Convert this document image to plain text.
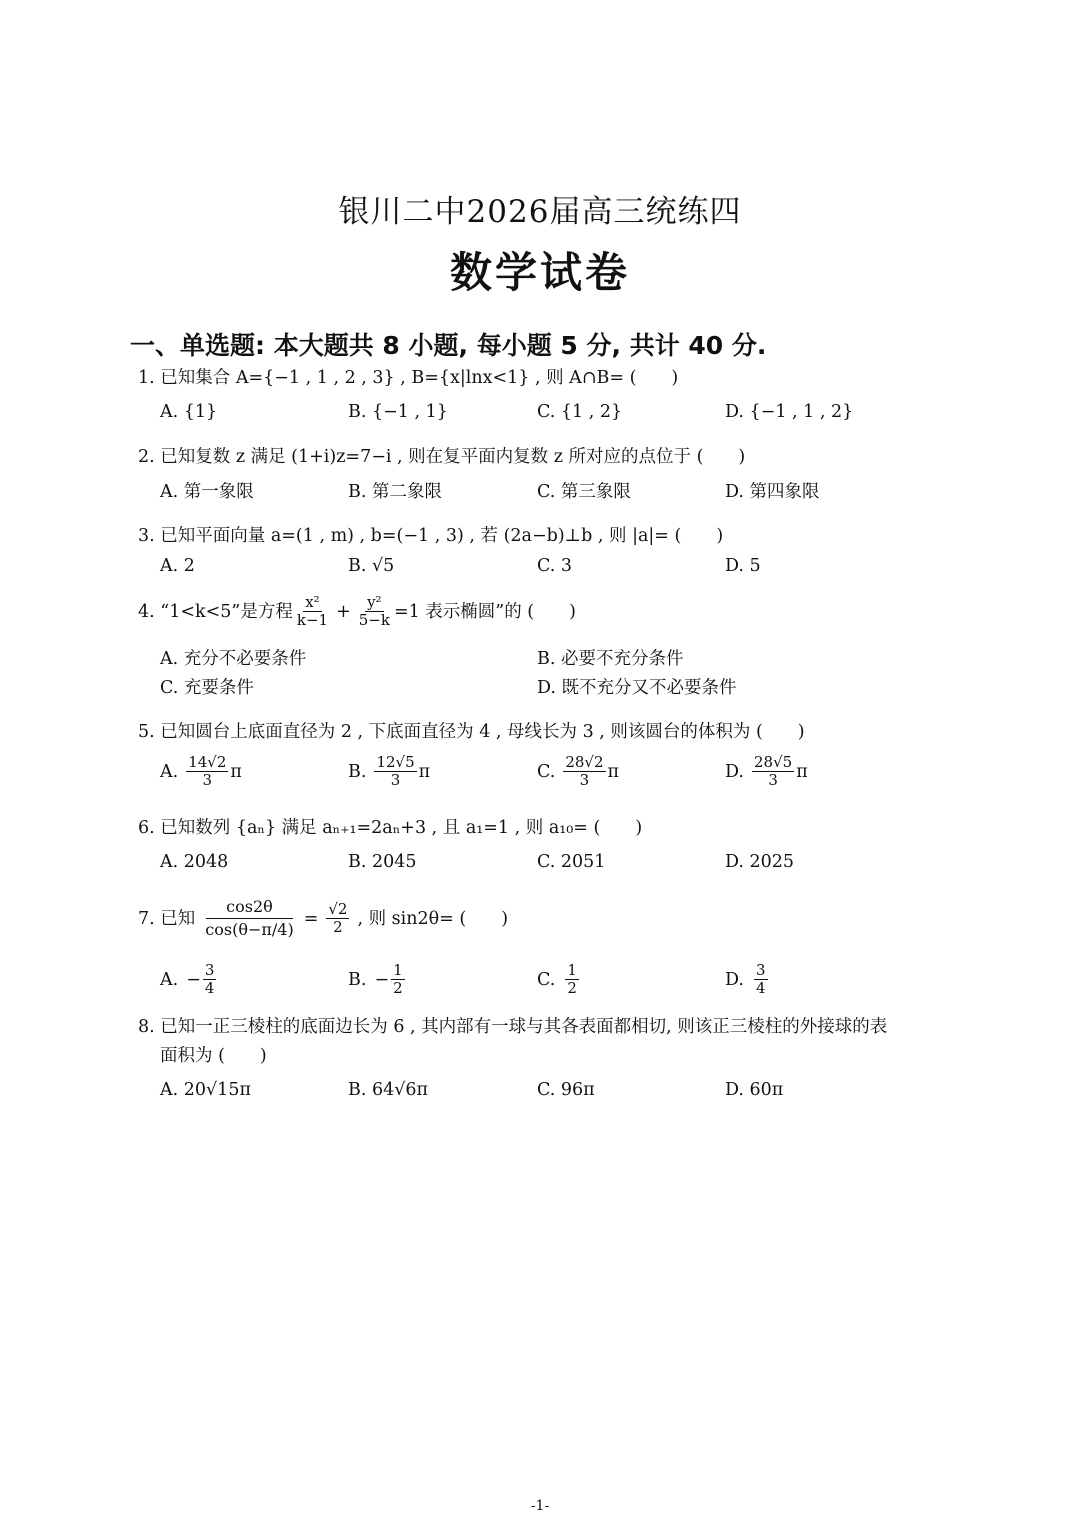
银川二中2026届高三统练四
数学试卷
一、单选题: 本大题共 8 小题, 每小题 5 分, 共计 40 分.
1. 已知集合 A={−1 , 1 , 2 , 3} , B={x|lnx<1} , 则 A∩B= (　　)
A. {1}	B. {−1 , 1}	C. {1 , 2}	D. {−1 , 1 , 2}
2. 已知复数 z 满足 (1+i)z=7−i , 则在复平面内复数 z 所对应的点位于 (　　)
A. 第一象限	B. 第二象限	C. 第三象限	D. 第四象限
3. 已知平面向量 a=(1 , m) , b=(−1 , 3) , 若 (2a−b)⊥b , 则 |a|= (　　)
A. 2	B. √5	C. 3	D. 5
4. “1<k<5”是方程 $\frac{\text{x²}}{k-1} + \frac{\text{y²}}{5-k} =1$ 表示椭圆”的 (　　)
A. 充分不必要条件	B. 必要不充分条件
C. 充要条件	D. 既不充分又不必要条件
5. 已知圆台上底面直径为 2 , 下底面直径为 4 , 母线长为 3 , 则该圆台的体积为 (　　)
A. $\frac{14√2}{3}$ π	B. $\frac{12√5}{3}$ π	C. $\frac{28√2}{3}$ π	D. $\frac{28√5}{3}$ π
6. 已知数列 {aₙ} 满足 aₙ₊₁=2aₙ+3 , 且 a₁=1 , 则 a₁₀= (　　)
A. 2048	B. 2045	C. 2051	D. 2025
7. 已知 $\frac{\cos 2\theta}{\cos(\theta-\pi/4)} = \frac{√2}{2}$ , 则 sin2θ= (　　)
A. − $\frac{3}{4}$	B. − $\frac{1}{2}$	C. $\frac{1}{2}$	D. $\frac{3}{4}$
8. 已知一正三棱柱的底面边长为 6 , 其内部有一球与其各表面都相切, 则该正三棱柱的外接球的表
面积为 (　　)
A. 20√15π	B. 64√6π	C. 96π	D. 60π
-1-
